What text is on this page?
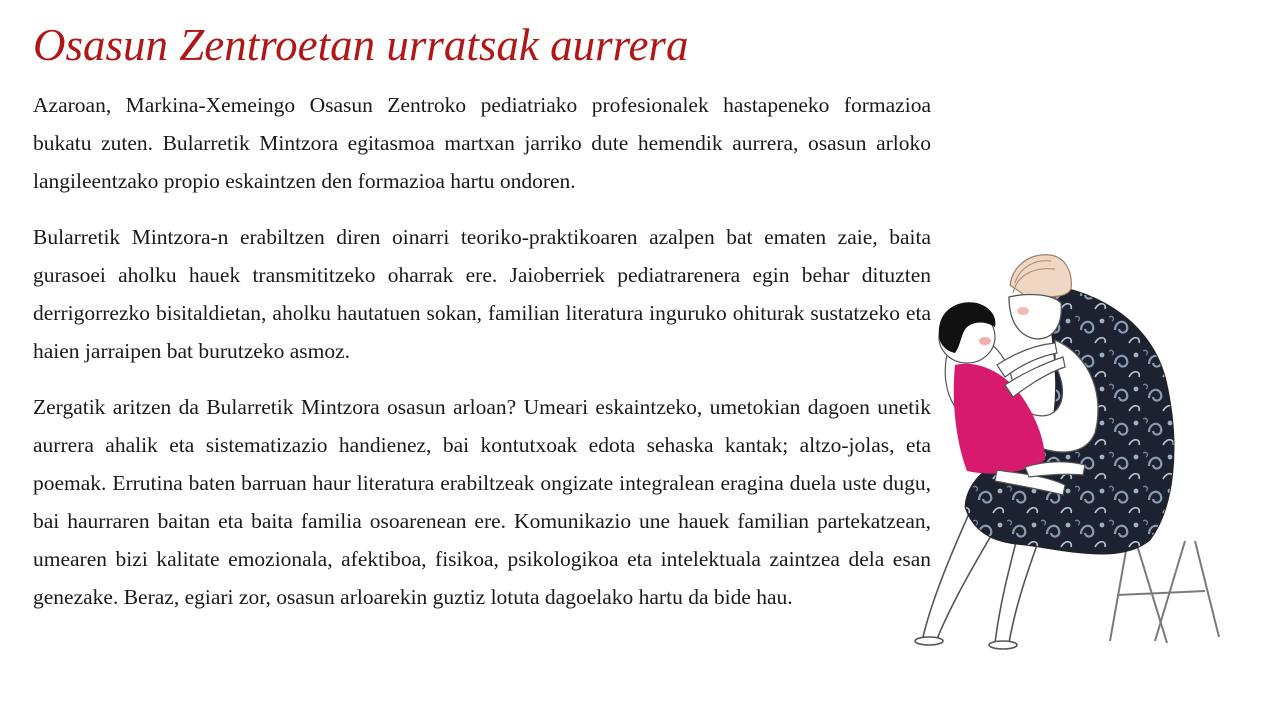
Osasun Zentroetan urratsak aurrera

Azaroan, Markina-Xemeingo Osasun Zentroko pediatriako profesionalek hastapeneko formazioa bukatu zuten. Bularretik Mintzora egitasmoa martxan jarriko dute hemendik aurrera, osasun arloko langileentzako propio eskaintzen den formazioa hartu ondoren.

Bularretik Mintzora-n erabiltzen diren oinarri teoriko-praktikoaren azalpen bat ematen zaie, baita gurasoei aholku hauek transmititzeko oharrak ere. Jaioberriek pediatrarenera egin behar dituzten derrigorrezko bisitaldietan, aholku hautatuen sokan, familian literatura inguruko ohiturak sustatzeko eta haien jarraipen bat burutzeko asmoz.

Zergatik aritzen da Bularretik Mintzora osasun arloan? Umeari eskaintzeko, umetokian dagoen unetik aurrera ahalik eta sistematizazio handienez, bai kontutxoak edota sehaska kantak; altzo-jolas, eta poemak. Errutina baten barruan haur literatura erabiltzeak ongizate integralean eragina duela uste dugu, bai haurraren baitan eta baita familia osoarenean ere. Komunikazio une hauek familian partekatzean, umearen bizi kalitate emozionala, afektiboa, fisikoa, psikologikoa eta intelektuala zaintzea dela esan genezake. Beraz, egiari zor, osasun arloarekin guztiz lotuta dagoelako hartu da bide hau.
